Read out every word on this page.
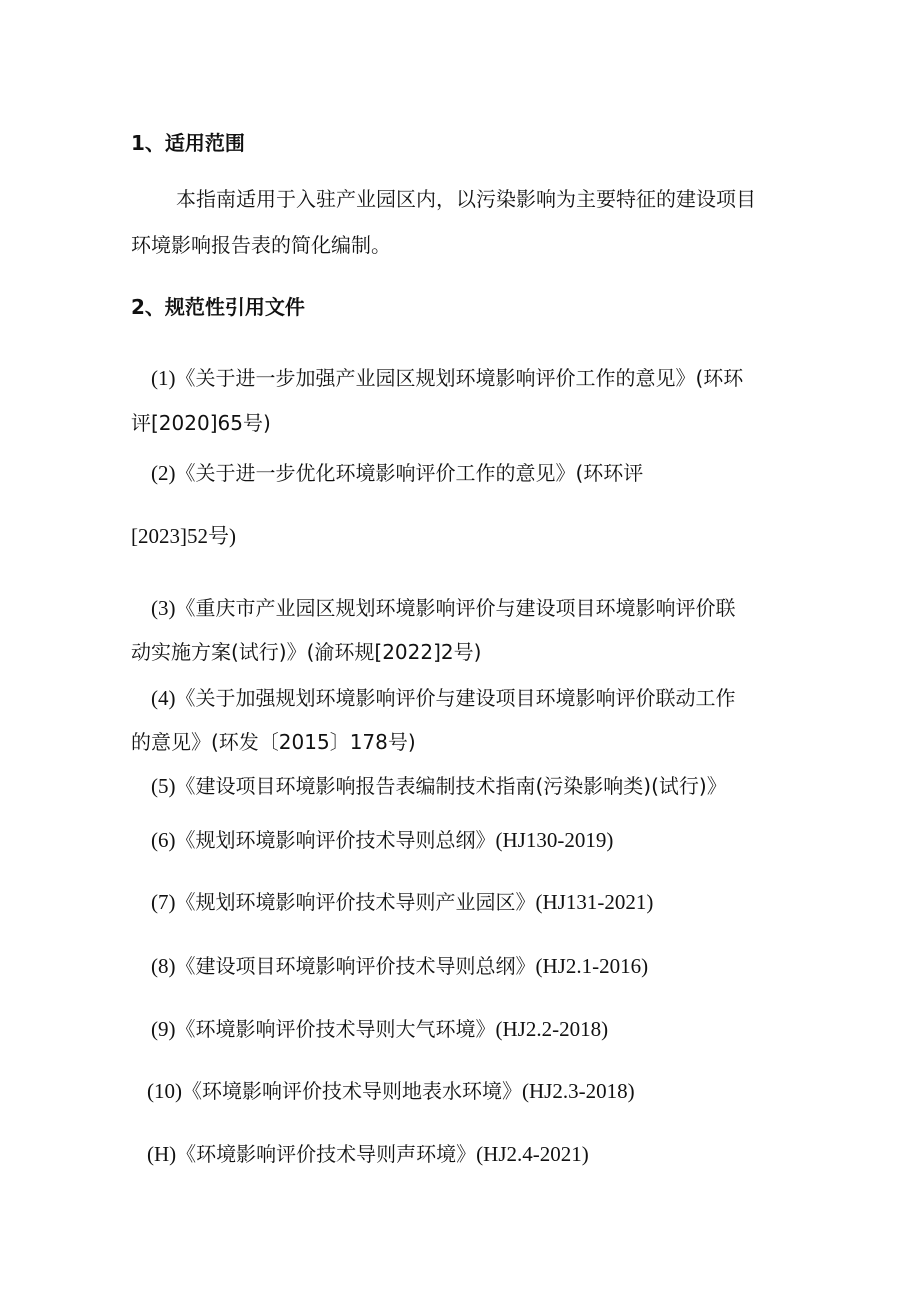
1、适用范围
本指南适用于入驻产业园区内，以污染影响为主要特征的建设项目
环境影响报告表的简化编制。
2、规范性引用文件
(1)《关于进一步加强产业园区规划环境影响评价工作的意见》(环环
评[2020]65号)
(2)《关于进一步优化环境影响评价工作的意见》(环环评
[2023]52号)
(3)《重庆市产业园区规划环境影响评价与建设项目环境影响评价联
动实施方案(试行)》(渝环规[2022]2号)
(4)《关于加强规划环境影响评价与建设项目环境影响评价联动工作
的意见》(环发〔2015〕178号)
(5)《建设项目环境影响报告表编制技术指南(污染影响类)(试行)》
(6)《规划环境影响评价技术导则总纲》(HJ130-2019)
(7)《规划环境影响评价技术导则产业园区》(HJ131-2021)
(8)《建设项目环境影响评价技术导则总纲》(HJ2.1-2016)
(9)《环境影响评价技术导则大气环境》(HJ2.2-2018)
(10)《环境影响评价技术导则地表水环境》(HJ2.3-2018)
(H)《环境影响评价技术导则声环境》(HJ2.4-2021)
